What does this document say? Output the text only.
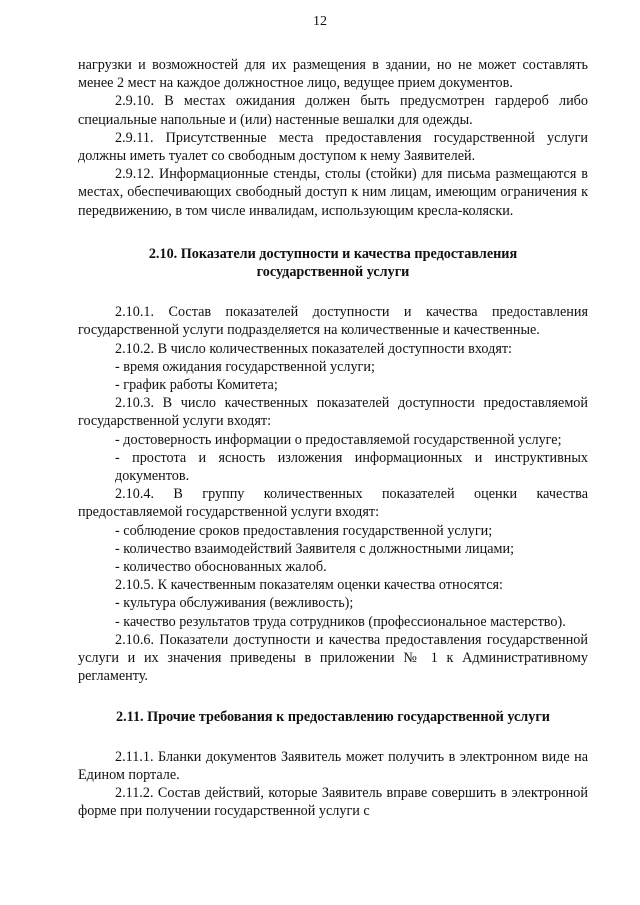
12

нагрузки и возможностей для их размещения в здании, но не может составлять менее 2 мест на каждое должностное лицо, ведущее прием документов.

2.9.10. В местах ожидания должен быть предусмотрен гардероб либо специальные напольные и (или) настенные вешалки для одежды.

2.9.11. Присутственные места предоставления государственной услуги должны иметь туалет со свободным доступом к нему Заявителей.

2.9.12. Информационные стенды, столы (стойки) для письма размещаются в местах, обеспечивающих свободный доступ к ним лицам, имеющим ограничения к передвижению, в том числе инвалидам, использующим кресла-коляски.

2.10. Показатели доступности и качества предоставления государственной услуги

2.10.1. Состав показателей доступности и качества предоставления государственной услуги подразделяется на количественные и качественные.

2.10.2. В число количественных показателей доступности входят:

- время ожидания государственной услуги;

- график работы Комитета;

2.10.3. В число качественных показателей доступности предоставляемой государственной услуги входят:

- достоверность информации о предоставляемой государственной услуге;

- простота и ясность изложения информационных и инструктивных документов.

2.10.4. В группу количественных показателей оценки качества предоставляемой государственной услуги входят:

- соблюдение сроков предоставления государственной услуги;

- количество взаимодействий Заявителя с должностными лицами;

- количество обоснованных жалоб.

2.10.5. К качественным показателям оценки качества относятся:

- культура обслуживания (вежливость);

- качество результатов труда сотрудников (профессиональное мастерство).

2.10.6. Показатели доступности и качества предоставления государственной услуги и их значения приведены в приложении № 1 к Административному регламенту.

2.11. Прочие требования к предоставлению государственной услуги

2.11.1. Бланки документов Заявитель может получить в электронном виде на Едином портале.

2.11.2. Состав действий, которые Заявитель вправе совершить в электронной форме при получении государственной услуги с
